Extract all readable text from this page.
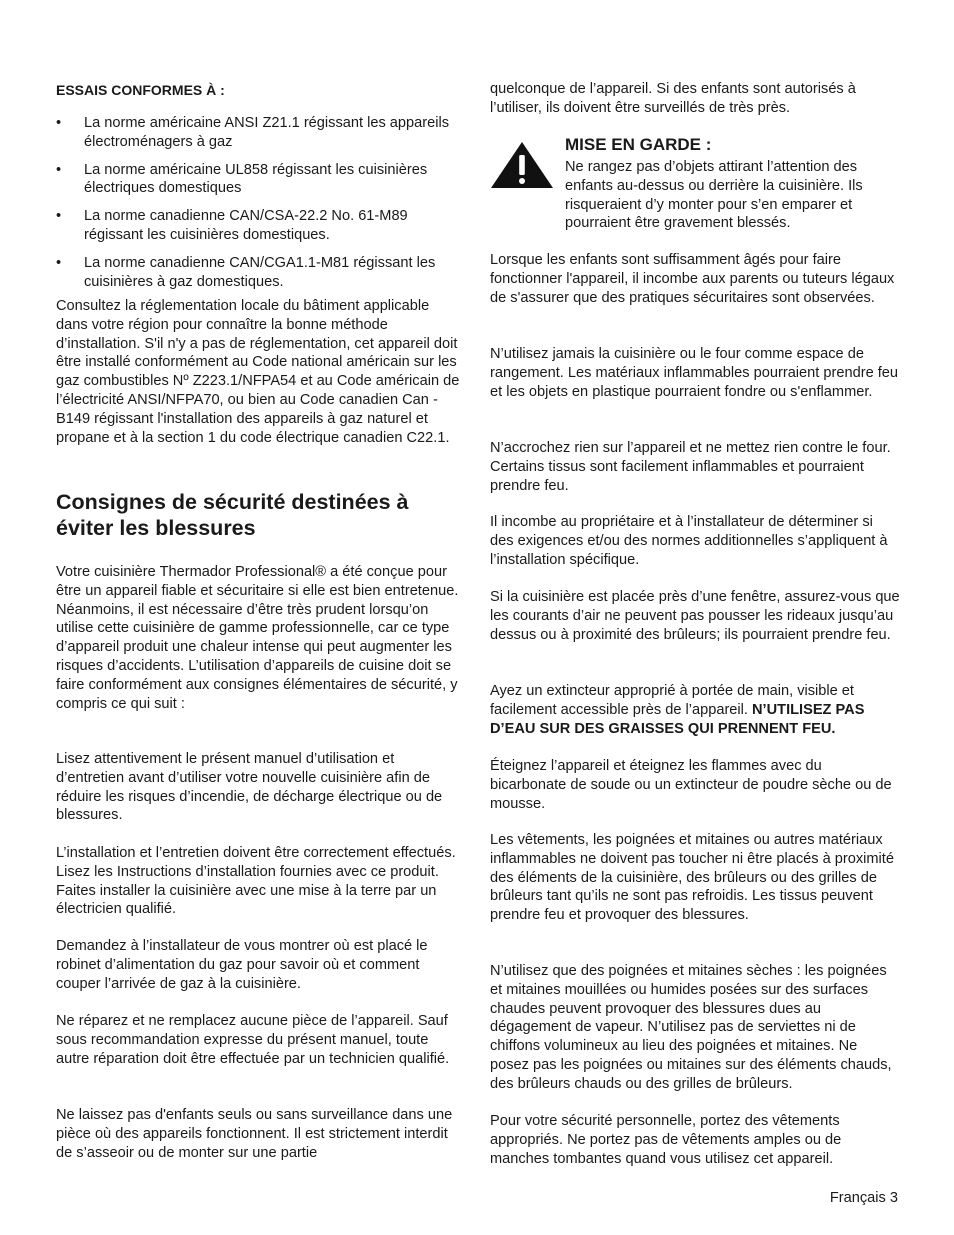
ESSAIS CONFORMES À :
• La norme américaine ANSI Z21.1 régissant les appareils électroménagers à gaz
• La norme américaine UL858 régissant les cuisinières électriques domestiques
• La norme canadienne CAN/CSA-22.2 No. 61-M89 régissant les cuisinières domestiques.
• La norme canadienne CAN/CGA1.1-M81 régissant les cuisinières à gaz domestiques.

Consultez la réglementation locale du bâtiment applicable dans votre région pour connaître la bonne méthode d’installation. S'il n'y a pas de réglementation, cet appareil doit être installé conformément au Code national américain sur les gaz combustibles Nº Z223.1/NFPA54 et au Code américain de l’électricité ANSI/NFPA70, ou bien au Code canadien Can - B149 régissant l'installation des appareils à gaz naturel et propane et à la section 1 du code électrique canadien C22.1.

Consignes de sécurité destinées à éviter les blessures

Votre cuisinière Thermador Professional® a été conçue pour être un appareil fiable et sécuritaire si elle est bien entretenue. Néanmoins, il est nécessaire d’être très prudent lorsqu’on utilise cette cuisinière de gamme professionnelle, car ce type d’appareil produit une chaleur intense qui peut augmenter les risques d’accidents. L’utilisation d’appareils de cuisine doit se faire conformément aux consignes élémentaires de sécurité, y compris ce qui suit :

Lisez attentivement le présent manuel d’utilisation et d’entretien avant d’utiliser votre nouvelle cuisinière afin de réduire les risques d’incendie, de décharge électrique ou de blessures.

L’installation et l’entretien doivent être correctement effectués. Lisez les Instructions d’installation fournies avec ce produit. Faites installer la cuisinière avec une mise à la terre par un électricien qualifié.

Demandez à l’installateur de vous montrer où est placé le robinet d’alimentation du gaz pour savoir où et comment couper l’arrivée de gaz à la cuisinière.

Ne réparez et ne remplacez aucune pièce de l’appareil. Sauf sous recommandation expresse du présent manuel, toute autre réparation doit être effectuée par un technicien qualifié.

Ne laissez pas d'enfants seuls ou sans surveillance dans une pièce où des appareils fonctionnent. Il est strictement interdit de s’asseoir ou de monter sur une partie

quelconque de l’appareil. Si des enfants sont autorisés à l’utiliser, ils doivent être surveillés de très près.

MISE EN GARDE :

Ne rangez pas d’objets attirant l’attention des enfants au-dessus ou derrière la cuisinière. Ils risqueraient d’y monter pour s’en emparer et pourraient être gravement blessés.

Lorsque les enfants sont suffisamment âgés pour faire fonctionner l'appareil, il incombe aux parents ou tuteurs légaux de s'assurer que des pratiques sécuritaires sont observées.

N’utilisez jamais la cuisinière ou le four comme espace de rangement. Les matériaux inflammables pourraient prendre feu et les objets en plastique pourraient fondre ou s'enflammer.

N’accrochez rien sur l’appareil et ne mettez rien contre le four. Certains tissus sont facilement inflammables et pourraient prendre feu.

Il incombe au propriétaire et à l’installateur de déterminer si des exigences et/ou des normes additionnelles s’appliquent à l’installation spécifique.

Si la cuisinière est placée près d’une fenêtre, assurez-vous que les courants d’air ne peuvent pas pousser les rideaux jusqu’au dessus ou à proximité des brûleurs; ils pourraient prendre feu.

Ayez un extincteur approprié à portée de main, visible et facilement accessible près de l’appareil. N’UTILISEZ PAS D’EAU SUR DES GRAISSES QUI PRENNENT FEU.

Éteignez l’appareil et éteignez les flammes avec du bicarbonate de soude ou un extincteur de poudre sèche ou de mousse.

Les vêtements, les poignées et mitaines ou autres matériaux inflammables ne doivent pas toucher ni être placés à proximité des éléments de la cuisinière, des brûleurs ou des grilles de brûleurs tant qu’ils ne sont pas refroidis. Les tissus peuvent prendre feu et provoquer des blessures.

N’utilisez que des poignées et mitaines sèches : les poignées et mitaines mouillées ou humides posées sur des surfaces chaudes peuvent provoquer des blessures dues au dégagement de vapeur. N’utilisez pas de serviettes ni de chiffons volumineux au lieu des poignées et mitaines. Ne posez pas les poignées ou mitaines sur des éléments chauds, des brûleurs chauds ou des grilles de brûleurs.

Pour votre sécurité personnelle, portez des vêtements appropriés. Ne portez pas de vêtements amples ou de manches tombantes quand vous utilisez cet appareil.

Français 3
